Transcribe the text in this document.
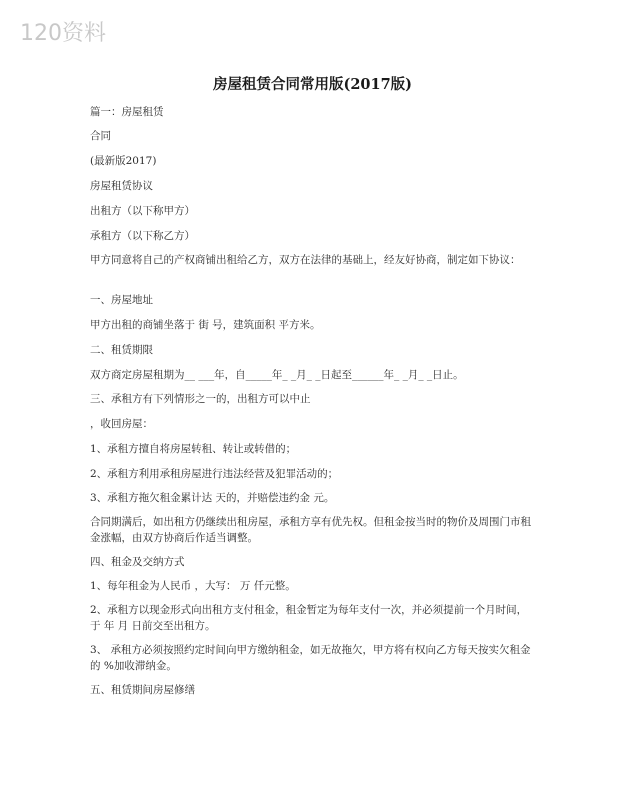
120资料
房屋租赁合同常用版(2017版)
篇一：房屋租赁
合同
(最新版2017)
房屋租赁协议
出租方（以下称甲方）
承租方（以下称乙方）
甲方同意将自己的产权商铺出租给乙方，双方在法律的基础上，经友好协商，制定如下协议：
一、房屋地址
甲方出租的商铺坐落于 街 号，建筑面积 平方米。
二、租赁期限
双方商定房屋租期为__ ___年，自_____年_ _月_ _日起至______年_ _月_ _日止。
三、承租方有下列情形之一的，出租方可以中止
，收回房屋：
1、承租方擅自将房屋转租、转让或转借的；
2、承租方利用承租房屋进行违法经营及犯罪活动的；
3、承租方拖欠租金累计达 天的，并赔偿违约金 元。
合同期满后，如出租方仍继续出租房屋，承租方享有优先权。但租金按当时的物价及周围门市租金涨幅，由双方协商后作适当调整。
四、租金及交纳方式
1、每年租金为人民币 ，大写： 万 仟元整。
2、承租方以现金形式向出租方支付租金，租金暂定为每年支付一次，并必须提前一个月时间，于 年 月 日前交至出租方。
3、 承租方必须按照约定时间向甲方缴纳租金，如无故拖欠，甲方将有权向乙方每天按实欠租金的 %加收滞纳金。
五、租赁期间房屋修缮
